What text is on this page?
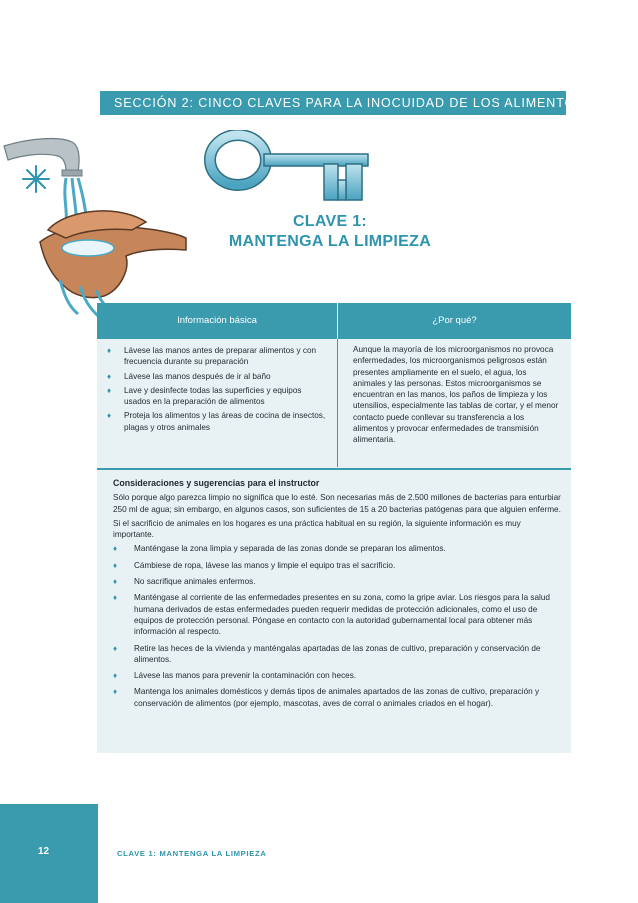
SECCIÓN 2: CINCO CLAVES PARA LA INOCUIDAD DE LOS ALIMENTOS
CLAVE 1:
MANTENGA LA LIMPIEZA
Información básica	¿Por qué?
♦ Lávese las manos antes de preparar alimentos y con frecuencia durante su preparación
♦ Lávese las manos después de ir al baño
♦ Lave y desinfecte todas las superficies y equipos usados en la preparación de alimentos
♦ Proteja los alimentos y las áreas de cocina de insectos, plagas y otros animales
Aunque la mayoría de los microorganismos no provoca enfermedades, los microorganismos peligrosos están presentes ampliamente en el suelo, el agua, los animales y las personas. Estos microorganismos se encuentran en las manos, los paños de limpieza y los utensilios, especialmente las tablas de cortar, y el menor contacto puede conllevar su transferencia a los alimentos y provocar enfermedades de transmisión alimentaria.
Consideraciones y sugerencias para el instructor

Sólo porque algo parezca limpio no significa que lo esté. Son necesarias más de 2.500 millones de bacterias para enturbiar 250 ml de agua; sin embargo, en algunos casos, son suficientes de 15 a 20 bacterias patógenas para que alguien enferme.

Si el sacrificio de animales en los hogares es una práctica habitual en su región, la siguiente información es muy importante.

♦ Manténgase la zona limpia y separada de las zonas donde se preparan los alimentos.
♦ Cámbiese de ropa, lávese las manos y limpie el equipo tras el sacrificio.
♦ No sacrifique animales enfermos.
♦ Manténgase al corriente de las enfermedades presentes en su zona, como la gripe aviar. Los riesgos para la salud humana derivados de estas enfermedades pueden requerir medidas de protección adicionales, como el uso de equipos de protección personal. Póngase en contacto con la autoridad gubernamental local para obtener más información al respecto.
♦ Retire las heces de la vivienda y manténgalas apartadas de las zonas de cultivo, preparación y conservación de alimentos.
♦ Lávese las manos para prevenir la contaminación con heces.
♦ Mantenga los animales domésticos y demás tipos de animales apartados de las zonas de cultivo, preparación y conservación de alimentos (por ejemplo, mascotas, aves de corral o animales criados en el hogar).
12	CLAVE 1: MANTENGA LA LIMPIEZA
